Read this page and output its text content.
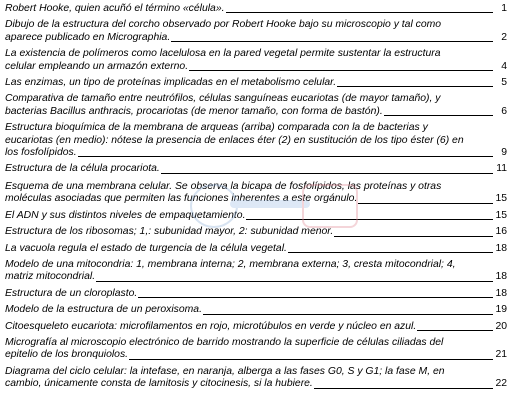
Robert Hooke, quien acuñó el término «célula».	1
Dibujo de la estructura del corcho observado por Robert Hooke bajo su microscopio y tal como
aparece publicado en Micrographia.	2
La existencia de polímeros como lacelulosa en la pared vegetal permite sustentar la estructura
celular empleando un armazón externo.	4
Las enzimas, un tipo de proteínas implicadas en el metabolismo celular.	5
Comparativa de tamaño entre neutrófilos, células sanguíneas eucariotas (de mayor tamaño), y
bacterias Bacillus anthracis, procariotas (de menor tamaño, con forma de bastón).	6
Estructura bioquímica de la membrana de arqueas (arriba) comparada con la de bacterias y
eucariotas (en medio): nótese la presencia de enlaces éter (2) en sustitución de los tipo éster (6) en
los fosfolípidos.	9
Estructura de la célula procariota.	11
Esquema de una membrana celular. Se observa la bicapa de fosfolípidos, las proteínas y otras
moléculas asociadas que permiten las funciones inherentes a este orgánulo.	15
El ADN y sus distintos niveles de empaquetamiento.	15
Estructura de los ribosomas; 1,: subunidad mayor, 2: subunidad menor.	16
La vacuola regula el estado de turgencia de la célula vegetal.	18
Modelo de una mitocondria: 1, membrana interna; 2, membrana externa; 3, cresta mitocondrial; 4,
matriz mitocondrial.	18
Estructura de un cloroplasto.	18
Modelo de la estructura de un peroxisoma.	19
Citoesqueleto eucariota: microfilamentos en rojo, microtúbulos en verde y núcleo en azul.	20
Micrografía al microscopio electrónico de barrido mostrando la superficie de células ciliadas del
epitelio de los bronquiolos.	21
Diagrama del ciclo celular: la intefase, en naranja, alberga a las fases G0, S y G1; la fase M, en
cambio, únicamente consta de lamitosis y citocinesis, si la hubiere.	22
